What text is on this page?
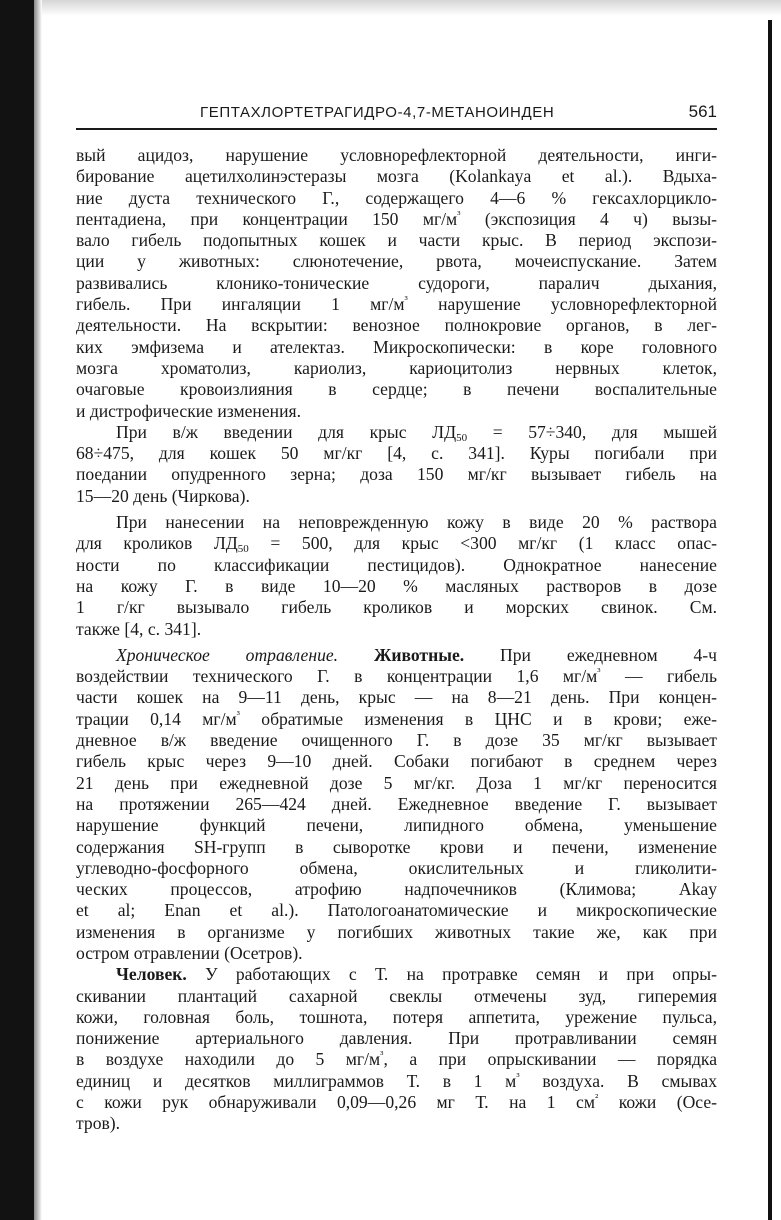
ГЕПТАХЛОРТЕТРАГИДРО-4,7-МЕТАНОИНДЕН	561
вый ацидоз, нарушение условнорефлекторной деятельности, инги-
бирование ацетилхолинэстеразы мозга (Kolankaya et al.). Вдыха-
ние дуста технического Г., содержащего 4—6 % гексахлорцикло-
пентадиена, при концентрации 150 $мг/м^{^3}$ (экспозиция 4 ч) вызы-
вало гибель подопытных кошек и части крыс. В период экспози-
ции у животных: слюнотечение, рвота, мочеиспускание. Затем
развивались клонико-тонические судороги, паралич дыхания,
гибель. При ингаляции 1 $мг/м^{^3}$ нарушение условнорефлекторной
деятельности. На вскрытии: венозное полнокровие органов, в лег-
ких эмфизема и ателектаз. Микроскопически: в коре головного
мозга хроматолиз, кариолиз, кариоцитолиз нервных клеток,
очаговые кровоизлияния в сердце; в печени воспалительные
и дистрофические изменения.
При в/ж введении для крыс $ЛД_{50} = 57\div 340$, для мышей
68÷475, для кошек 50 мг/кг [4, с. 341]. Куры погибали при
поедании опудренного зерна; доза 150 мг/кг вызывает гибель на
15—20 день (Чиркова).
При нанесении на неповрежденную кожу в виде 20 % раствора
для кроликов $ЛД_{50} = 500$, для крыс <300 мг/кг (1 класс опас-
ности по классификации пестицидов). Однократное нанесение
на кожу Г. в виде 10—20 % масляных растворов в дозе
1 г/кг вызывало гибель кроликов и морских свинок. См.
также [4, с. 341].
Хроническое отравление. Животные. При ежедневном 4-ч
воздействии технического Г. в концентрации 1,6 $мг/м^{^3}$ — гибель
части кошек на 9—11 день, крыс — на 8—21 день. При концен-
трации 0,14 $мг/м^{^3}$ обратимые изменения в ЦНС и в крови; еже-
дневное в/ж введение очищенного Г. в дозе 35 мг/кг вызывает
гибель крыс через 9—10 дней. Собаки погибают в среднем через
21 день при ежедневной дозе 5 мг/кг. Доза 1 мг/кг переносится
на протяжении 265—424 дней. Ежедневное введение Г. вызывает
нарушение функций печени, липидного обмена, уменьшение
содержания SH-групп в сыворотке крови и печени, изменение
углеводно-фосфорного обмена, окислительных и гликолити-
ческих процессов, атрофию надпочечников (Климова; Akay
et al; Enan et al.). Патологоанатомические и микроскопические
изменения в организме у погибших животных такие же, как при
остром отравлении (Осетров).
Человек. У работающих с Т. на протравке семян и при опры-
скивании плантаций сахарной свеклы отмечены зуд, гиперемия
кожи, головная боль, тошнота, потеря аппетита, урежение пульса,
понижение артериального давления. При протравливании семян
в воздухе находили до 5 $мг/м^{^3}$, а при опрыскивании — порядка
единиц и десятков миллиграммов Т. в 1 $м^{^3}$ воздуха. В смывах
с кожи рук обнаруживали 0,09—0,26 мг Т. на 1 $см^{^2}$ кожи (Осе-
тров).
